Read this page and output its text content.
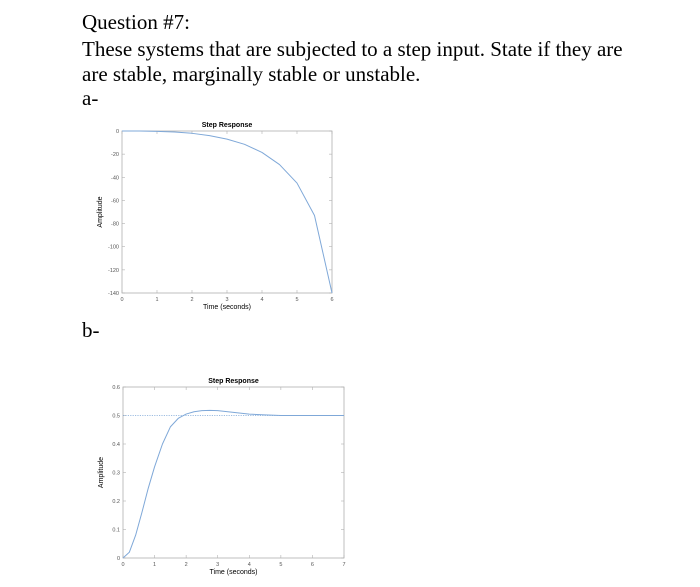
Question #7:
These systems that are subjected to a step input. State if they are are stable, marginally stable or unstable.
a-
b-
0	1	2	3	4	5	6
0
-20
-40
-60
-80
-100
-120
-140
Step Response
Time (seconds)
Amplitude
0	1	2	3	4	5	6	7
0
0.1
0.2
0.3
0.4
0.5
0.6
Step Response
Time (seconds)
Amplitude
